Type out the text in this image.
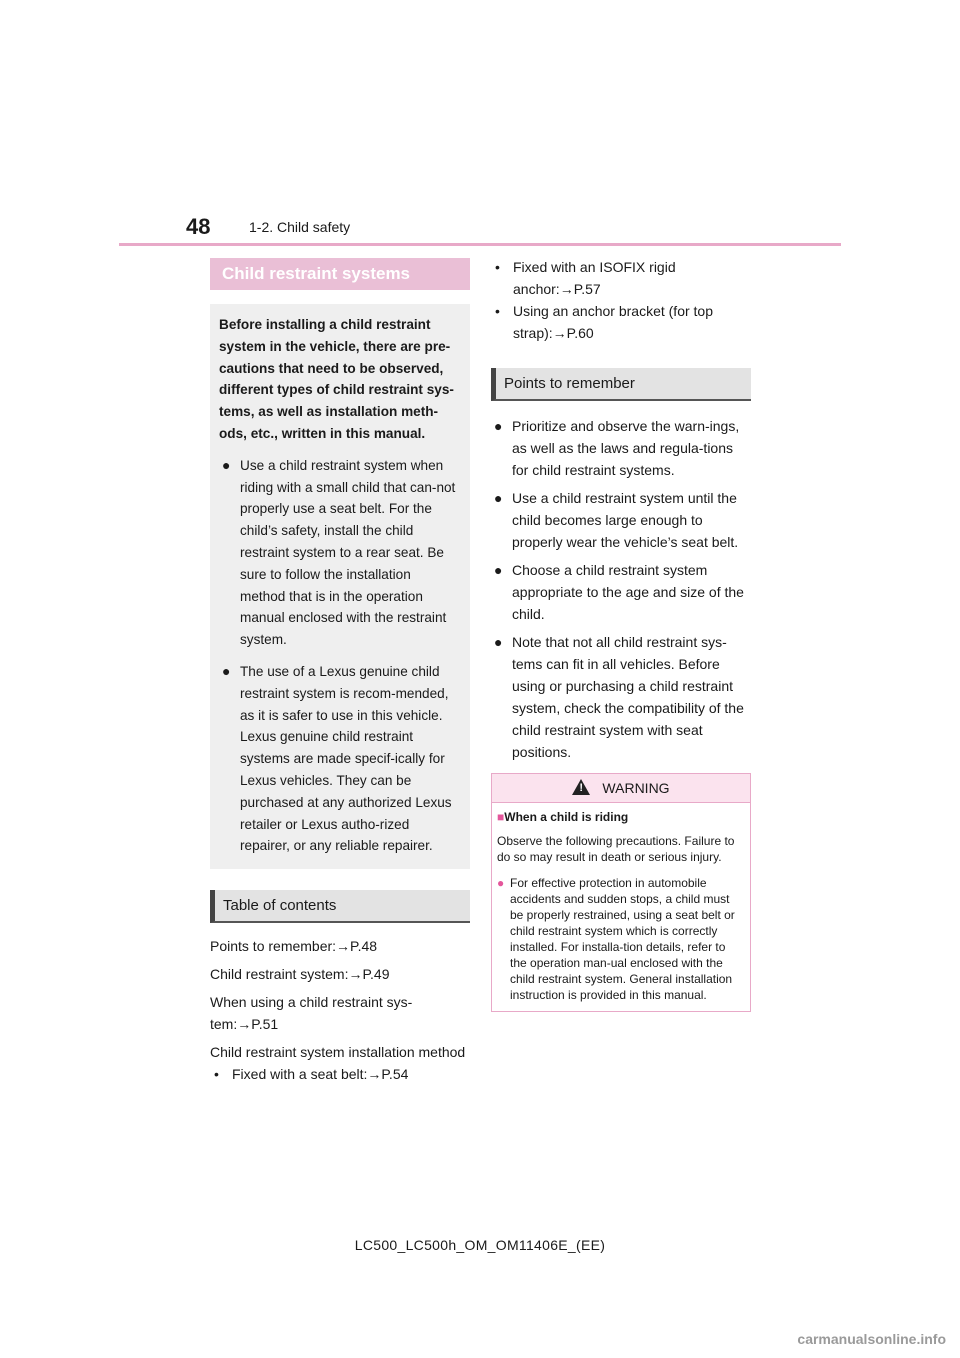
48	1-2. Child safety
Child restraint systems
Before installing a child restraint system in the vehicle, there are pre-cautions that need to be observed, different types of child restraint sys-tems, as well as installation meth-ods, etc., written in this manual.
● Use a child restraint system when riding with a small child that can-not properly use a seat belt. For the child’s safety, install the child restraint system to a rear seat. Be sure to follow the installation method that is in the operation manual enclosed with the restraint system.
● The use of a Lexus genuine child restraint system is recom-mended, as it is safer to use in this vehicle. Lexus genuine child restraint systems are made specif-ically for Lexus vehicles. They can be purchased at any authorized Lexus retailer or Lexus autho-rized repairer, or any reliable repairer.
Table of contents

Points to remember:→P.48

Child restraint system:→P.49

When using a child restraint sys-tem:→P.51

Child restraint system installation method

• Fixed with a seat belt:→P.54
• Fixed with an ISOFIX rigid anchor:→P.57
• Using an anchor bracket (for top strap):→P.60
Points to remember
● Prioritize and observe the warn-ings, as well as the laws and regula-tions for child restraint systems.
● Use a child restraint system until the child becomes large enough to properly wear the vehicle’s seat belt.
● Choose a child restraint system appropriate to the age and size of the child.
● Note that not all child restraint sys-tems can fit in all vehicles. Before using or purchasing a child restraint system, check the compatibility of the child restraint system with seat positions.
!WARNING
■When a child is riding
Observe the following precautions. Failure to do so may result in death or serious injury.
● For effective protection in automobile accidents and sudden stops, a child must be properly restrained, using a seat belt or child restraint system which is correctly installed. For installa-tion details, refer to the operation man-ual enclosed with the child restraint system. General installation instruction is provided in this manual.
LC500_LC500h_OM_OM11406E_(EE)
carmanualsonline.info
